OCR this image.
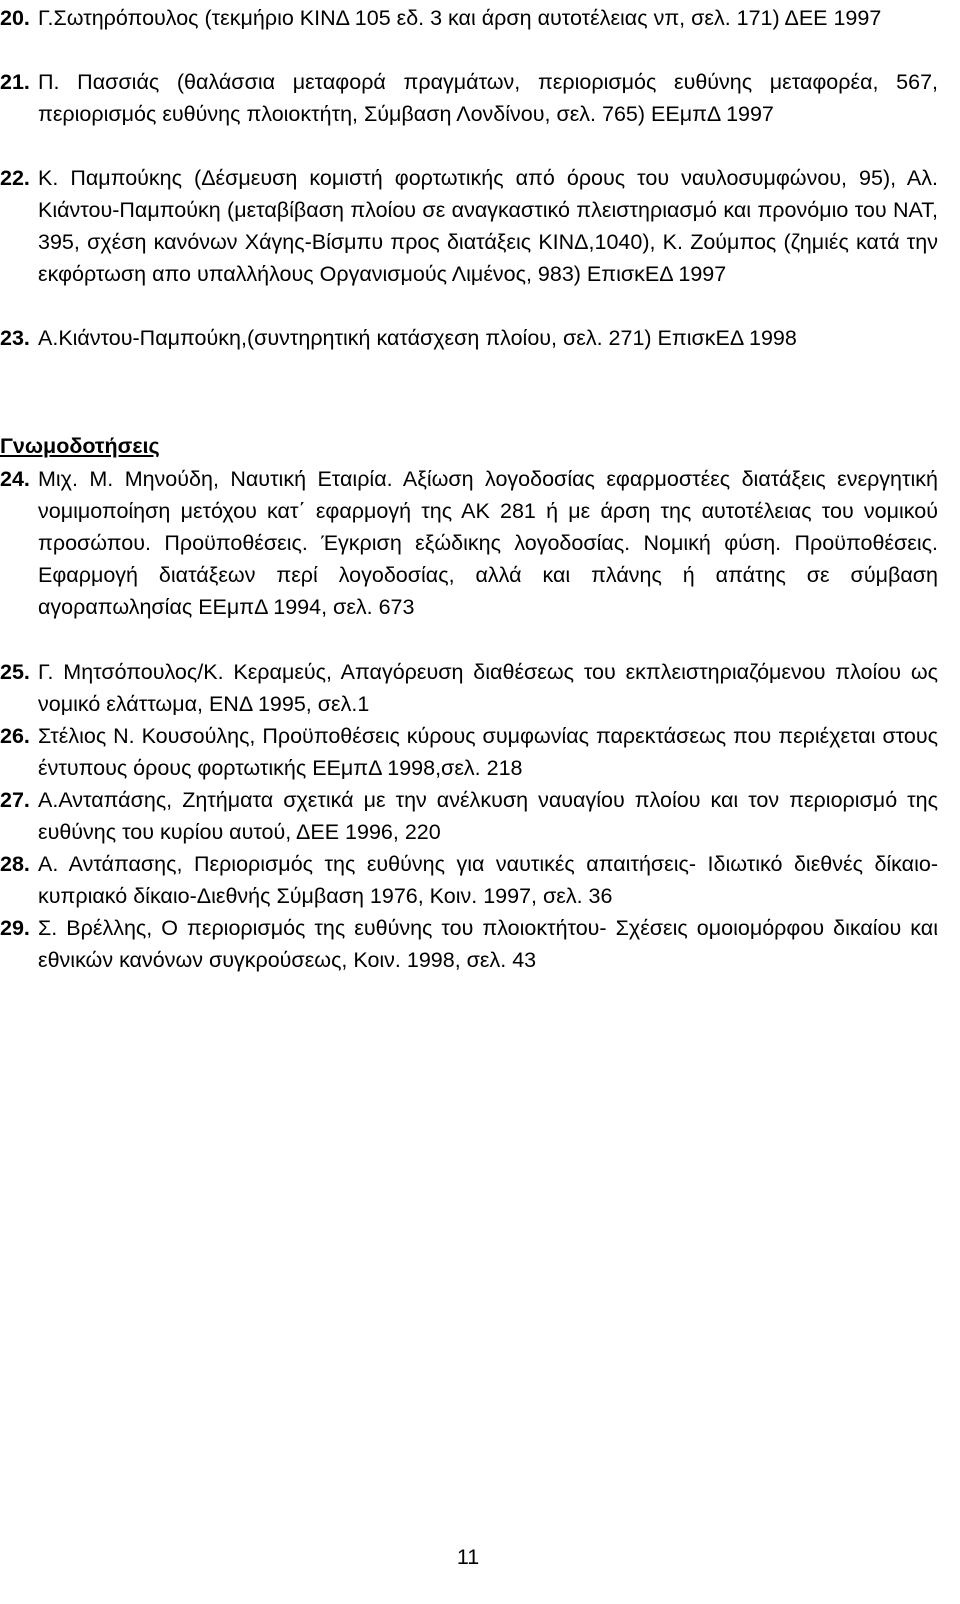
20. Γ.Σωτηρόπουλος (τεκμήριο ΚΙΝΔ 105 εδ. 3 και άρση αυτοτέλειας νπ, σελ. 171) ΔΕΕ 1997
21. Π. Πασσιάς (θαλάσσια μεταφορά πραγμάτων, περιορισμός ευθύνης μεταφορέα, 567, περιορισμός ευθύνης πλοιοκτήτη, Σύμβαση Λονδίνου, σελ. 765) ΕΕμπΔ 1997
22. Κ. Παμπούκης (Δέσμευση κομιστή φορτωτικής από όρους του ναυλοσυμφώνου, 95), Αλ. Κιάντου-Παμπούκη (μεταβίβαση πλοίου σε αναγκαστικό πλειστηριασμό και προνόμιο του ΝΑΤ, 395, σχέση κανόνων Χάγης-Βίσμπυ προς διατάξεις ΚΙΝΔ,1040), Κ. Ζούμπος (ζημιές κατά την εκφόρτωση απο υπαλλήλους Οργανισμούς Λιμένος, 983) ΕπισκΕΔ 1997
23. Α.Κιάντου-Παμπούκη,(συντηρητική κατάσχεση πλοίου, σελ. 271) ΕπισκΕΔ 1998
Γνωμοδοτήσεις
24. Μιχ. Μ. Μηνούδη, Ναυτική Εταιρία. Αξίωση λογοδοσίας εφαρμοστέες διατάξεις ενεργητική νομιμοποίηση μετόχου κατ΄ εφαρμογή της ΑΚ 281 ή με άρση της αυτοτέλειας του νομικού προσώπου. Προϋποθέσεις. Έγκριση εξώδικης λογοδοσίας. Νομική φύση. Προϋποθέσεις. Εφαρμογή διατάξεων περί λογοδοσίας, αλλά και πλάνης ή απάτης σε σύμβαση αγοραπωλησίας ΕΕμπΔ 1994, σελ. 673
25. Γ. Μητσόπουλος/Κ. Κεραμεύς, Απαγόρευση διαθέσεως του εκπλειστηριαζόμενου πλοίου ως νομικό ελάττωμα, ΕΝΔ 1995, σελ.1
26. Στέλιος Ν. Κουσούλης, Προϋποθέσεις κύρους συμφωνίας παρεκτάσεως που περιέχεται στους έντυπους όρους φορτωτικής ΕΕμπΔ 1998,σελ. 218
27. Α.Ανταπάσης, Ζητήματα σχετικά με την ανέλκυση ναυαγίου πλοίου και τον περιορισμό της ευθύνης του κυρίου αυτού, ΔΕΕ 1996, 220
28. Α. Αντάπασης, Περιορισμός της ευθύνης για ναυτικές απαιτήσεις- Ιδιωτικό διεθνές δίκαιο-κυπριακό δίκαιο-Διεθνής Σύμβαση 1976, Κοιν. 1997, σελ. 36
29. Σ. Βρέλλης, Ο περιορισμός της ευθύνης του πλοιοκτήτου- Σχέσεις ομοιομόρφου δικαίου και εθνικών κανόνων συγκρούσεως, Κοιν. 1998, σελ. 43
11
